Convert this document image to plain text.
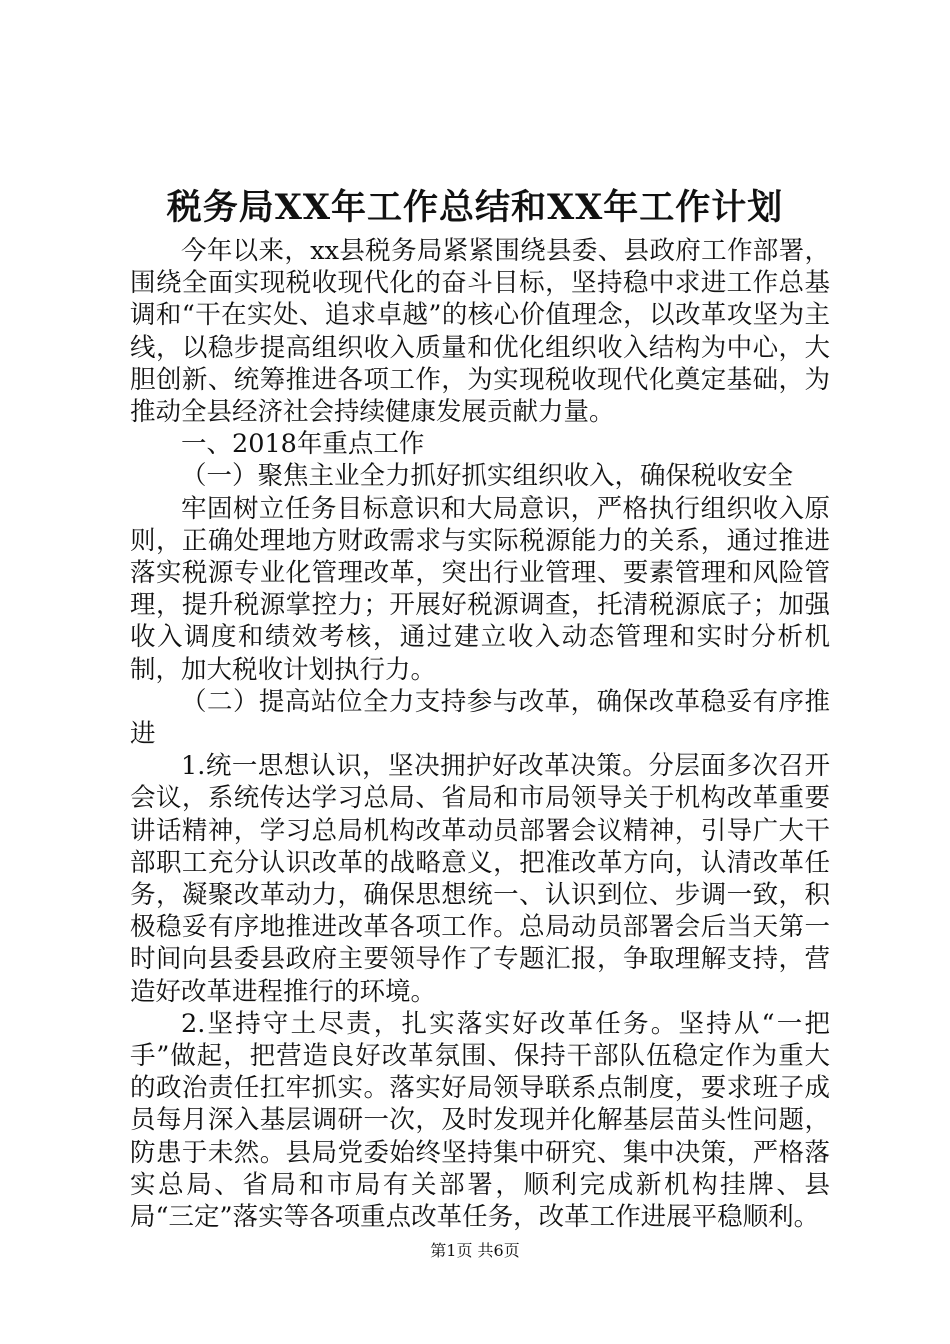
税务局XX年工作总结和XX年工作计划

今年以来，xx县税务局紧紧围绕县委、县政府工作部署，围绕全面实现税收现代化的奋斗目标，坚持稳中求进工作总基调和“干在实处、追求卓越”的核心价值理念，以改革攻坚为主线，以稳步提高组织收入质量和优化组织收入结构为中心，大胆创新、统筹推进各项工作，为实现税收现代化奠定基础，为推动全县经济社会持续健康发展贡献力量。

一、2018年重点工作

（一）聚焦主业全力抓好抓实组织收入，确保税收安全

牢固树立任务目标意识和大局意识，严格执行组织收入原则，正确处理地方财政需求与实际税源能力的关系，通过推进落实税源专业化管理改革，突出行业管理、要素管理和风险管理，提升税源掌控力；开展好税源调查，托清税源底子；加强收入调度和绩效考核，通过建立收入动态管理和实时分析机制，加大税收计划执行力。

（二）提高站位全力支持参与改革，确保改革稳妥有序推进

1.统一思想认识，坚决拥护好改革决策。分层面多次召开会议，系统传达学习总局、省局和市局领导关于机构改革重要讲话精神，学习总局机构改革动员部署会议精神，引导广大干部职工充分认识改革的战略意义，把准改革方向，认清改革任务，凝聚改革动力，确保思想统一、认识到位、步调一致，积极稳妥有序地推进改革各项工作。总局动员部署会后当天第一时间向县委县政府主要领导作了专题汇报，争取理解支持，营造好改革进程推行的环境。

2.坚持守土尽责，扎实落实好改革任务。坚持从“一把手”做起，把营造良好改革氛围、保持干部队伍稳定作为重大的政治责任扛牢抓实。落实好局领导联系点制度，要求班子成员每月深入基层调研一次，及时发现并化解基层苗头性问题，防患于未然。县局党委始终坚持集中研究、集中决策，严格落实总局、省局和市局有关部署，顺利完成新机构挂牌、县局“三定”落实等各项重点改革任务，改革工作进展平稳顺利。

第1页 共6页
